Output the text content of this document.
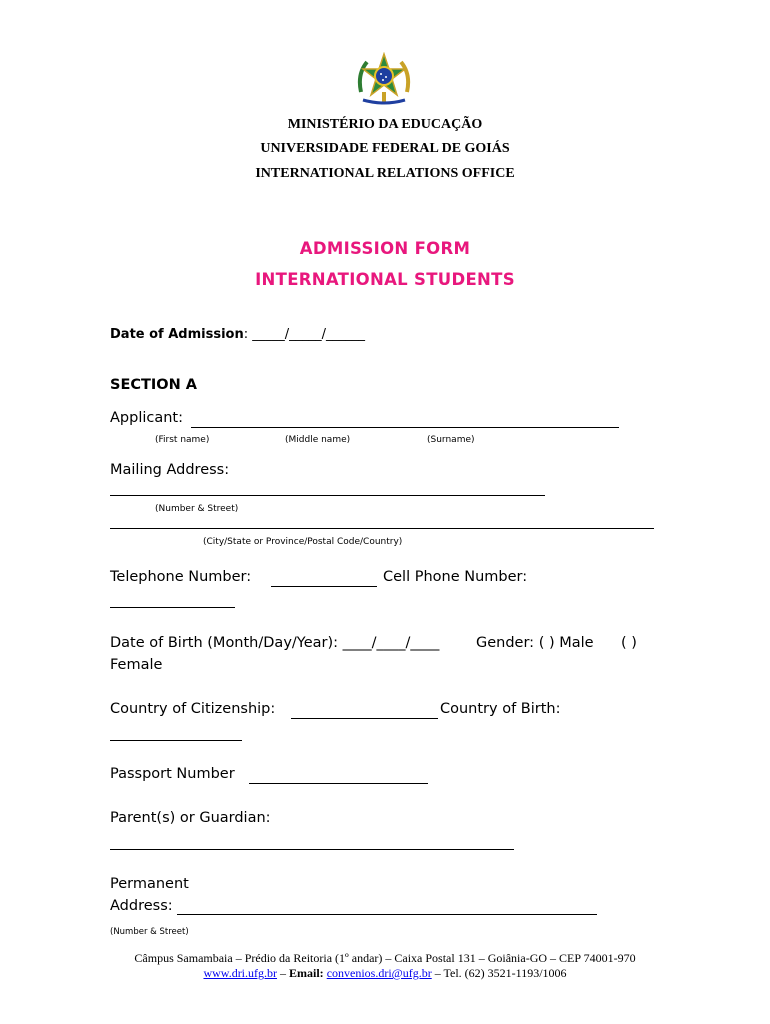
MINISTÉRIO DA EDUCAÇÃO
UNIVERSIDADE FEDERAL DE GOIÁS
INTERNATIONAL RELATIONS OFFICE
ADMISSION FORM
INTERNATIONAL STUDENTS
Date of Admission: _____/_____/______
SECTION A
Applicant:
(First name)	(Middle name)	(Surname)
Mailing Address:
(Number & Street)
(City/State or Province/Postal Code/Country)
Telephone Number:	Cell Phone Number:
Date of Birth (Month/Day/Year): ____/____/____	Gender: ( ) Male ( )
Female
Country of Citizenship:	Country of Birth:
Passport Number
Parent(s) or Guardian:
Permanent
Address:
(Number & Street)
Câmpus Samambaia – Prédio da Reitoria (1º andar) – Caixa Postal 131 – Goiânia-GO – CEP 74001-970
www.dri.ufg.br – Email: convenios.dri@ufg.br – Tel. (62) 3521-1193/1006
